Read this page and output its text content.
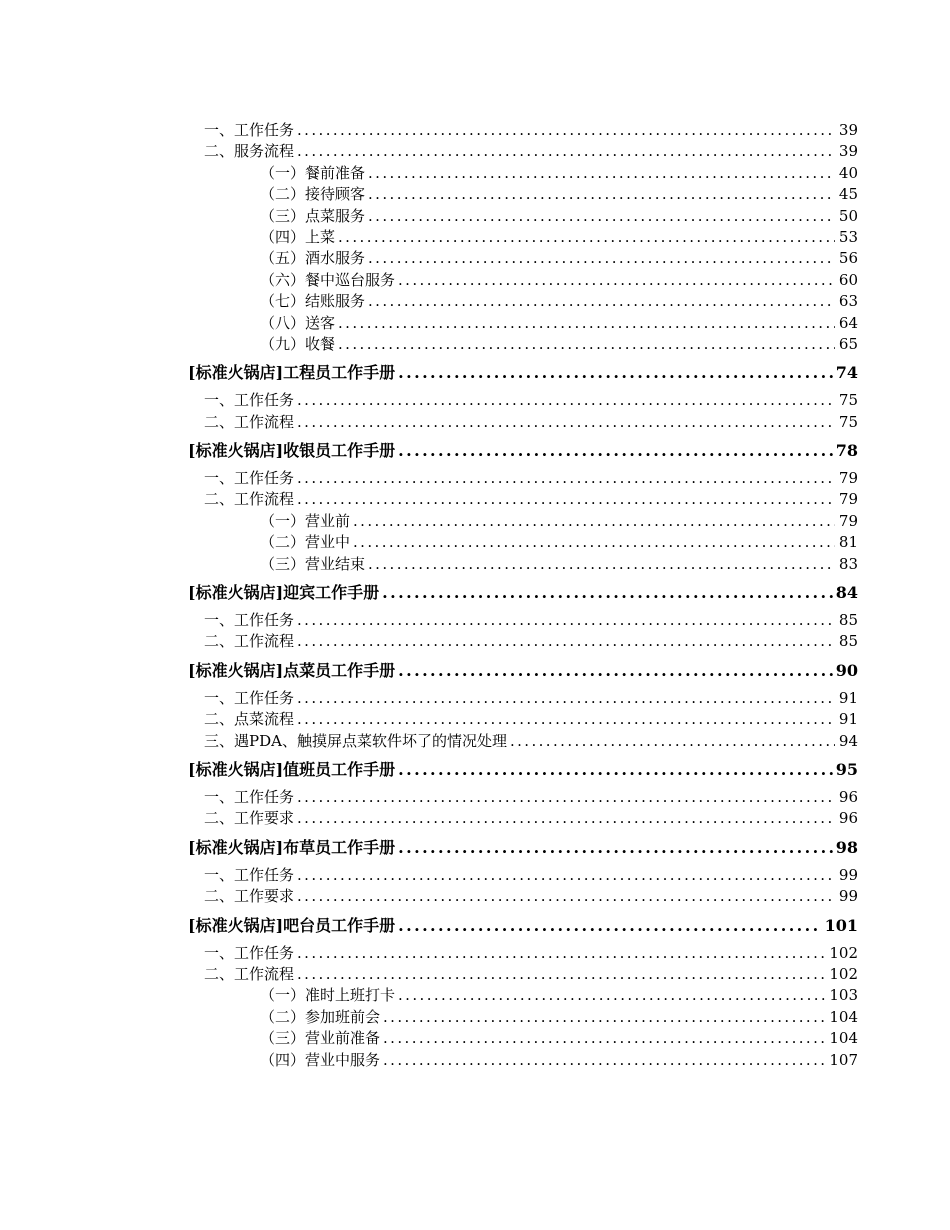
一、工作任务 .....	39
二、服务流程 .....	39
（一）餐前准备 .....	40
（二）接待顾客 .....	45
（三）点菜服务 .....	50
（四）上菜 .....	53
（五）酒水服务 .....	56
（六）餐中巡台服务 .....	60
（七）结账服务 .....	63
（八）送客 .....	64
（九）收餐 .....	65
[标准火锅店]工程员工作手册 .....	74
一、工作任务 .....	75
二、工作流程 .....	75
[标准火锅店]收银员工作手册 .....	78
一、工作任务 .....	79
二、工作流程 .....	79
（一）营业前 .....	79
（二）营业中 .....	81
（三）营业结束 .....	83
[标准火锅店]迎宾工作手册 .....	84
一、工作任务 .....	85
二、工作流程 .....	85
[标准火锅店]点菜员工作手册 .....	90
一、工作任务 .....	91
二、点菜流程 .....	91
三、遇PDA、触摸屏点菜软件坏了的情况处理 .....	94
[标准火锅店]值班员工作手册 .....	95
一、工作任务 .....	96
二、工作要求 .....	96
[标准火锅店]布草员工作手册 .....	98
一、工作任务 .....	99
二、工作要求 .....	99
[标准火锅店]吧台员工作手册 .....	101
一、工作任务 .....	102
二、工作流程 .....	102
（一）准时上班打卡 .....	103
（二）参加班前会 .....	104
（三）营业前准备 .....	104
（四）营业中服务 .....	107
